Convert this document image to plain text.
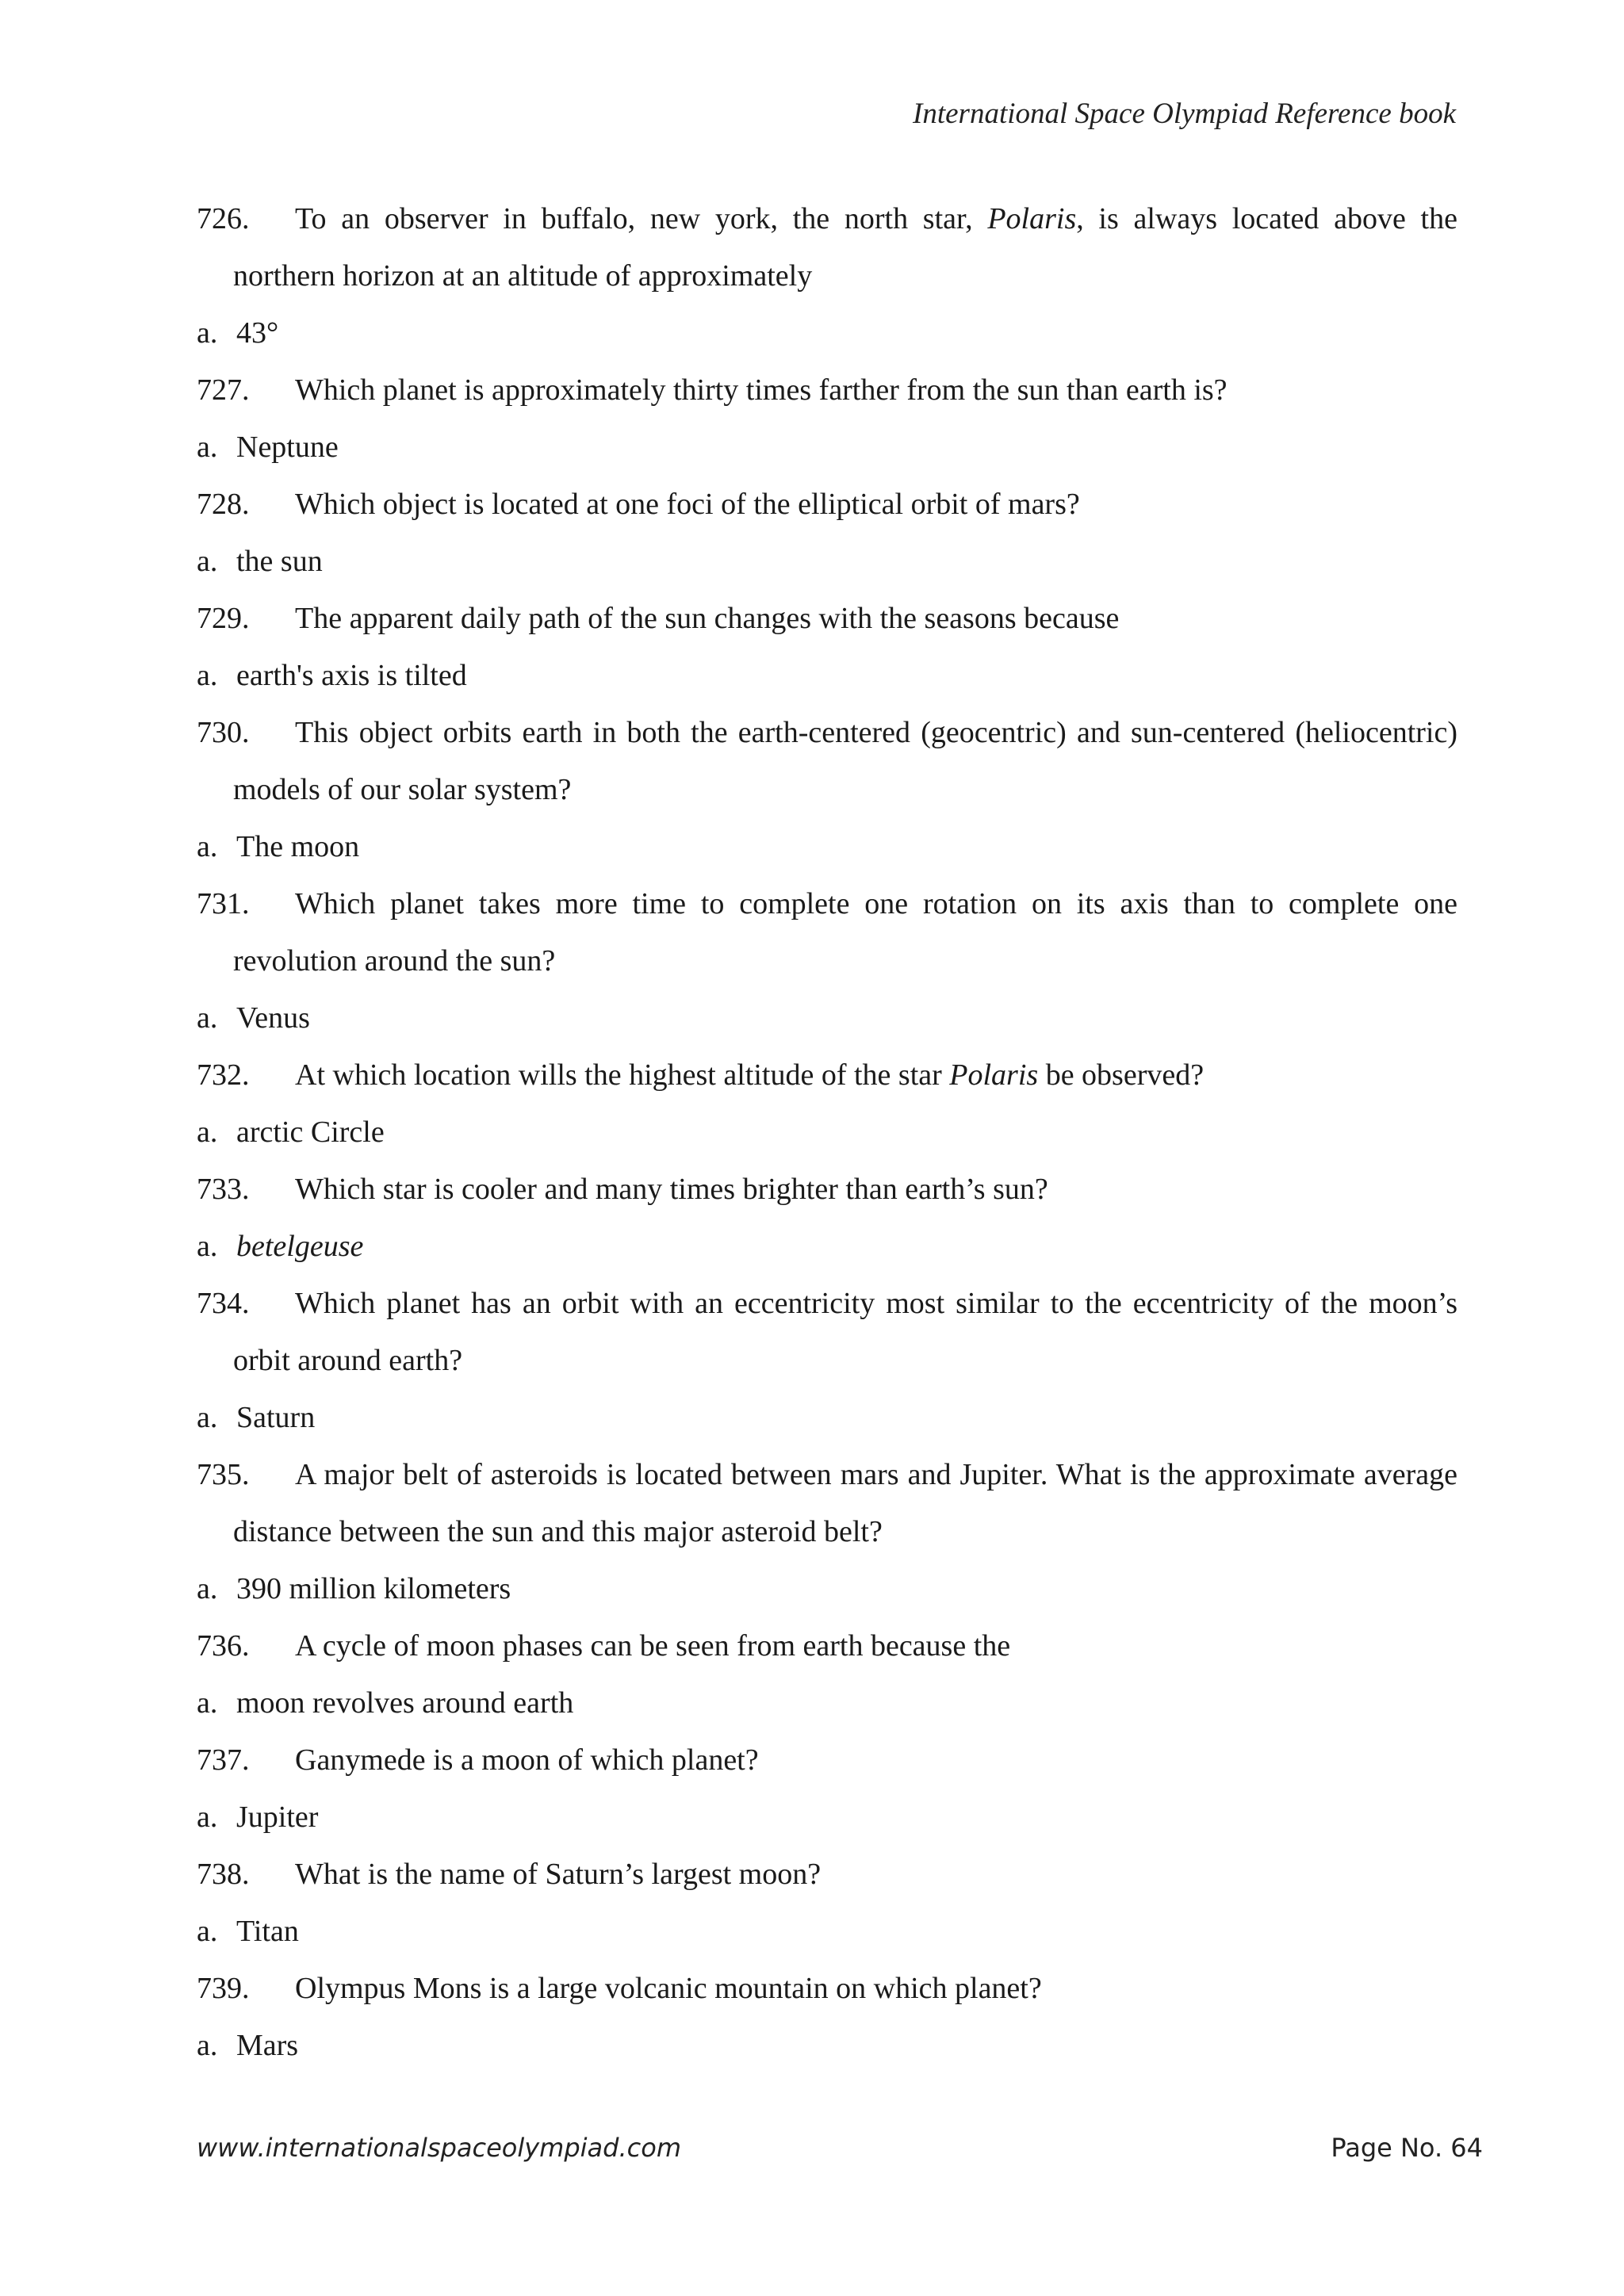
International Space Olympiad Reference book
726.	To an observer in buffalo, new york, the north star, Polaris, is always located above the northern horizon at an altitude of approximately
a. 43°
727.	Which planet is approximately thirty times farther from the sun than earth is?
a. Neptune
728.	Which object is located at one foci of the elliptical orbit of mars?
a. the sun
729.	The apparent daily path of the sun changes with the seasons because
a. earth's axis is tilted
730.	This object orbits earth in both the earth-centered (geocentric) and sun-centered (heliocentric) models of our solar system?
a. The moon
731.	Which planet takes more time to complete one rotation on its axis than to complete one revolution around the sun?
a. Venus
732.	At which location wills the highest altitude of the star Polaris be observed?
a. arctic Circle
733.	Which star is cooler and many times brighter than earth’s sun?
a. betelgeuse
734.	Which planet has an orbit with an eccentricity most similar to the eccentricity of the moon’s orbit around earth?
a. Saturn
735.	A major belt of asteroids is located between mars and Jupiter. What is the approximate average distance between the sun and this major asteroid belt?
a. 390 million kilometers
736.	A cycle of moon phases can be seen from earth because the
a. moon revolves around earth
737.	Ganymede is a moon of which planet?
a. Jupiter
738.	What is the name of Saturn’s largest moon?
a. Titan
739.	Olympus Mons is a large volcanic mountain on which planet?
a. Mars
www.internationalspaceolympiad.com	Page No. 64
